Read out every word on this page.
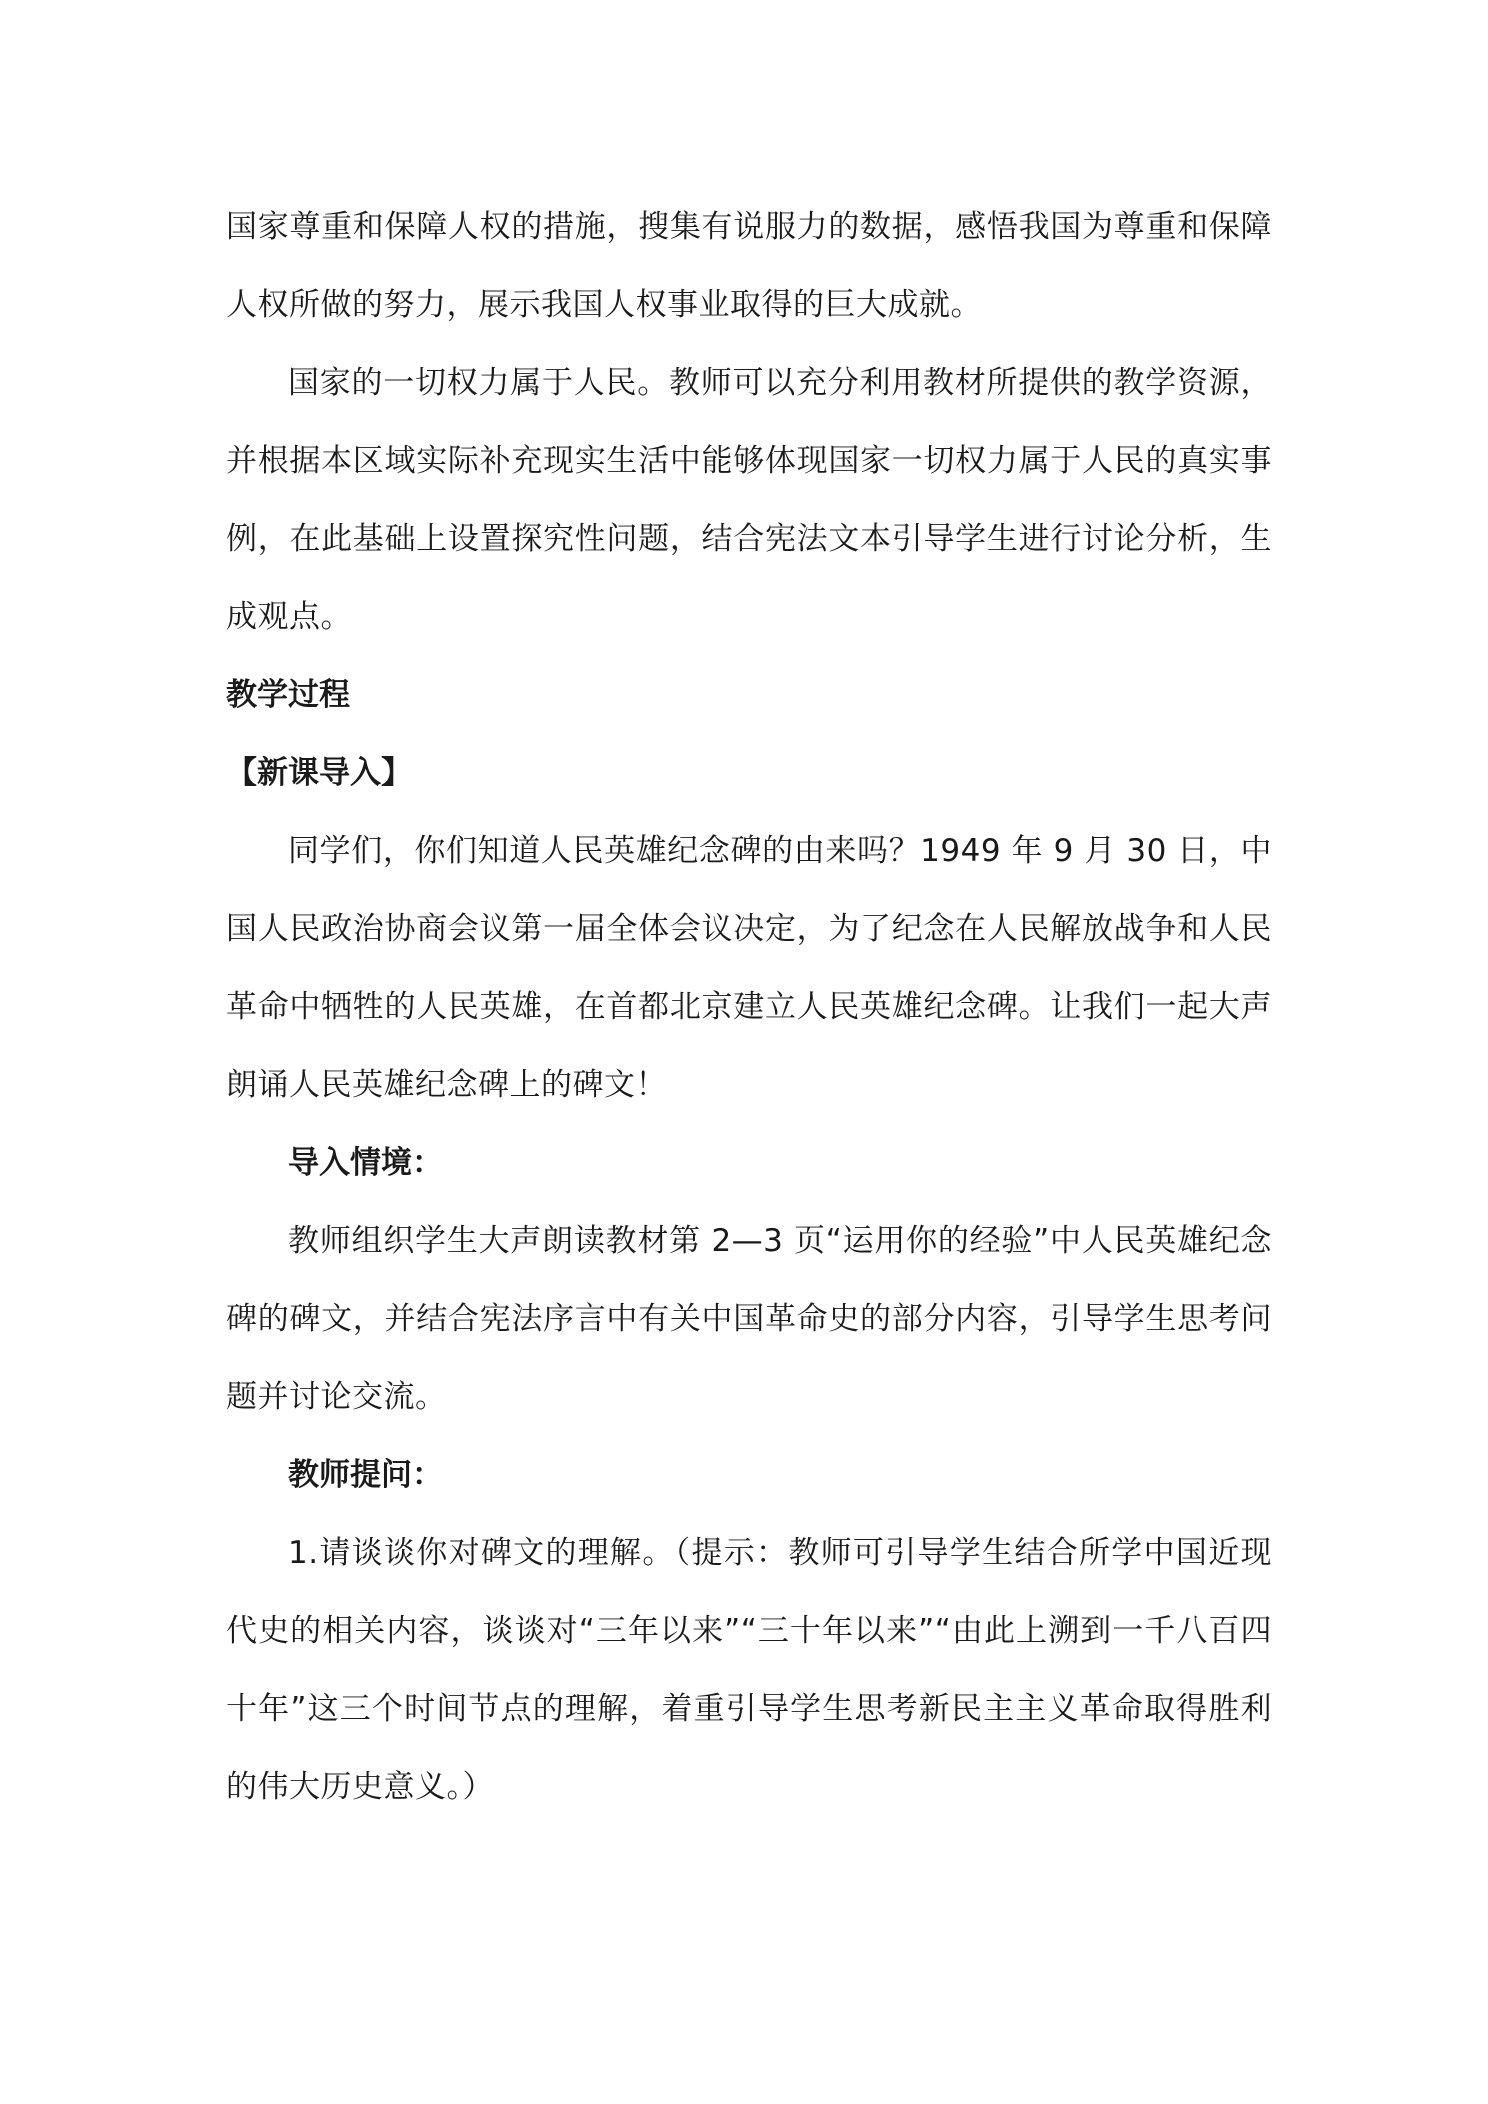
国家尊重和保障人权的措施，搜集有说服力的数据，感悟我国为尊重和保障人权所做的努力，展示我国人权事业取得的巨大成就。

国家的一切权力属于人民。教师可以充分利用教材所提供的教学资源，并根据本区域实际补充现实生活中能够体现国家一切权力属于人民的真实事例，在此基础上设置探究性问题，结合宪法文本引导学生进行讨论分析，生成观点。

教学过程

【新课导入】

同学们，你们知道人民英雄纪念碑的由来吗？1949 年 9 月 30 日，中国人民政治协商会议第一届全体会议决定，为了纪念在人民解放战争和人民革命中牺牲的人民英雄，在首都北京建立人民英雄纪念碑。让我们一起大声朗诵人民英雄纪念碑上的碑文！

导入情境：

教师组织学生大声朗读教材第 2—3 页“运用你的经验”中人民英雄纪念碑的碑文，并结合宪法序言中有关中国革命史的部分内容，引导学生思考问题并讨论交流。

教师提问：

1.请谈谈你对碑文的理解。（提示：教师可引导学生结合所学中国近现代史的相关内容，谈谈对“三年以来”“三十年以来”“由此上溯到一千八百四十年”这三个时间节点的理解，着重引导学生思考新民主主义革命取得胜利的伟大历史意义。）
